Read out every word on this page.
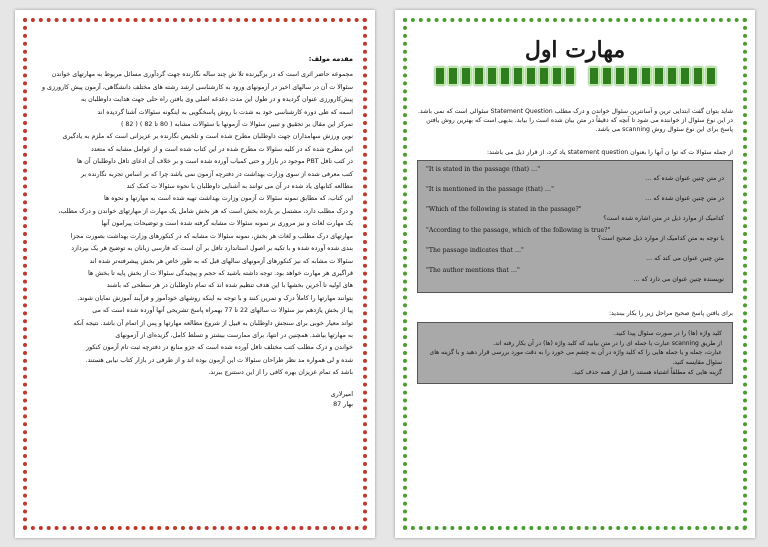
مقدمه مولف:
مجموعه حاضر اثری است که در برگیرنده تلا ش چند ساله نگارنده جهت گردآوری مسائل مربوط به مهارتهای خواندن
سئوالا ت آن در سالهای اخیر در آزمونهای ورود به کارشناسی ارشد رشته های مختلف دانشگاهی، آزمون پیش کارورزی و
پیش‌کارورزی عنوان گردیده و در طول این مدت دغدغه اصلی وی یافتن راه حلی جهت هدایت داوطلبان به
اسمه که طی دوره کارشناسی خود به شدت با روش پاسخگویی به اینگونه سئوالات آشنا گردیده اند
تمرکز این مقال بر تحقیق و تبیین سئوالا ت آزمونها با سئوالات مشابه ( 80 تا 82 ) ( 82 )
نوین ورزش سهامداران جهت داوطلبان مطرح شده است و تلخیص نگارنده بر عزیزانی است که ملزم به یادگیری
این مطرح شده که در کلیه سئوالا ت مطرح شده در این کتاب شده است و از عوامل مشابه که متعدد
در کتب تافل PBT موجود در بازار و حتی کمیاب آورده شده است و بر خلاف آن ادعای تافل داوطلبان آن ها
کتب معرفی شده از سوی وزارت بهداشت در دفترچه آزمون نمی باشد چرا که بر اساس تجربه نگارنده بر
مطالعه کتابهای یاد شده در آن می توانند به آشنایی داوطلبان با نحوه سئوالا ت کمک کند
این کتاب، که مطابق نمونه سئوالا ت آزمون وزارت بهداشت تهیه شده است به مهارتها و نحوه ها
و درک مطلب دارد، مشتمل بر یازده بخش است که هر بخش شامل یک مهارت از مهارتهای خواندن و درک مطلب،
یک مهارت لغات و نیز مروری بر نمونه سئوالا ت مشابه گرفته شده است و توضیحات پیرامون آنها
مهارتهای درک مطلب و لغات هر بخش، نمونه سئوالا ت مشابه که در کنکورهای وزارت بهداشت بصورت مجزا
بندی شده آورده شده و با تکیه بر اصول استاندارد تافل بر آن است که فارسی زبانان به توضیح هر یک بپردازد
سئوالا ت مشابه که نیز کنکورهای آزمونهای سالهای قبل که به طور خاص هر بخش پیشرفته‌تر شده اند
قراگیری هر مهارت خواهد بود. توجه داشته باشید که حجم و پیچیدگی سئوالا ت از بخش پایه تا بخش ها
های اولیه تا آخرین بخشها با این هدف تنظیم شده اند که تمام داوطلبان در هر سطحی که باشند
بتوانند مهارتها را کاملاً درک و تمرین کنند و با توجه به اینکه روشهای خودآموز و فرآیند آموزش نمایان شوند.
پیا از بخش یازدهم نیز سئوالا ت سالهای 22 تا 77 بهمراه پاسخ تشریحی آنها آورده شده است که می
تواند معیار خوبی برای سنجش داوطلبان به قبیل از شروع مطالعه مهارتها و پس از اتمام آن باشد. نتیجه آنکه
به مهارتها بیاشد. همچنین در انتها، برای ممارست بیشتر و تسلط کامل، گزیده‌ای از آزمونهای
خواندن و درک مطلب کتب مختلف تافل آورده شده است که جزو منابع در دفترچه ثبت نام آزمون کنکور
شده و لی همواره مد نظر طراحان سئوالا ت این آزمون بوده اند و از طرفی در بازار کتاب نیابی هستند.
باشد که تمام عزیزان بهره کافی را از این دستنرج ببرند.
امیرلاری
بهار 87
مهارت اول

شاید بتوان گفت ابتدایی ترین و آسانترین سئوال خواندن و درک مطلب Statement Question سئوالی است که نمی باشد. در این نوع سئوال از خواننده می شود تا آنچه که دقیقاً در متن بیان شده است را بیابد. بدیهی است که بهترین روش یافتن پاسخ برای این نوع سئوال روش scanning می باشد.

از جمله سئوالا ت که توا ن آنها را بعنوان statement question یاد کرد، از قرار ذیل می باشند:

"It is stated in the passage (that) …"
در متن چنین عنوان شده که …
"It is mentioned in the passage (that) …"
در متن چنین عنوان شده که …
"Which of the following is stated in the passage?"
کدامیک از موارد ذیل در متن اشاره شده است؟
"According to the passage, which of the following is true?"
با توجه به متن کدامیک از موارد ذیل صحیح است؟
"The passage indicates that …"
متن چنین عنوان می کند که …
"The author mentions that …"
نویسنده چنین عنوان می دارد که …

برای یافتن پاسخ صحیح مراحل زیر را بکار ببندید:

کلید واژه (ها) را در صورت سئوال پیدا کنید.
از طریق scanning عبارت یا جمله ای را در متن بیابید که کلید واژه (ها) در آن بکار رفته اند.
عبارت، جمله و یا جمله هایی را که کلید واژه در آن به چشم می خورد را به دقت مورد بررسی قرار دهید و با گزینه های سئوال مقایسه کنید.
گزینه هایی که مطلقاً اشتباه هستند را قبل از همه حذف کنید.
